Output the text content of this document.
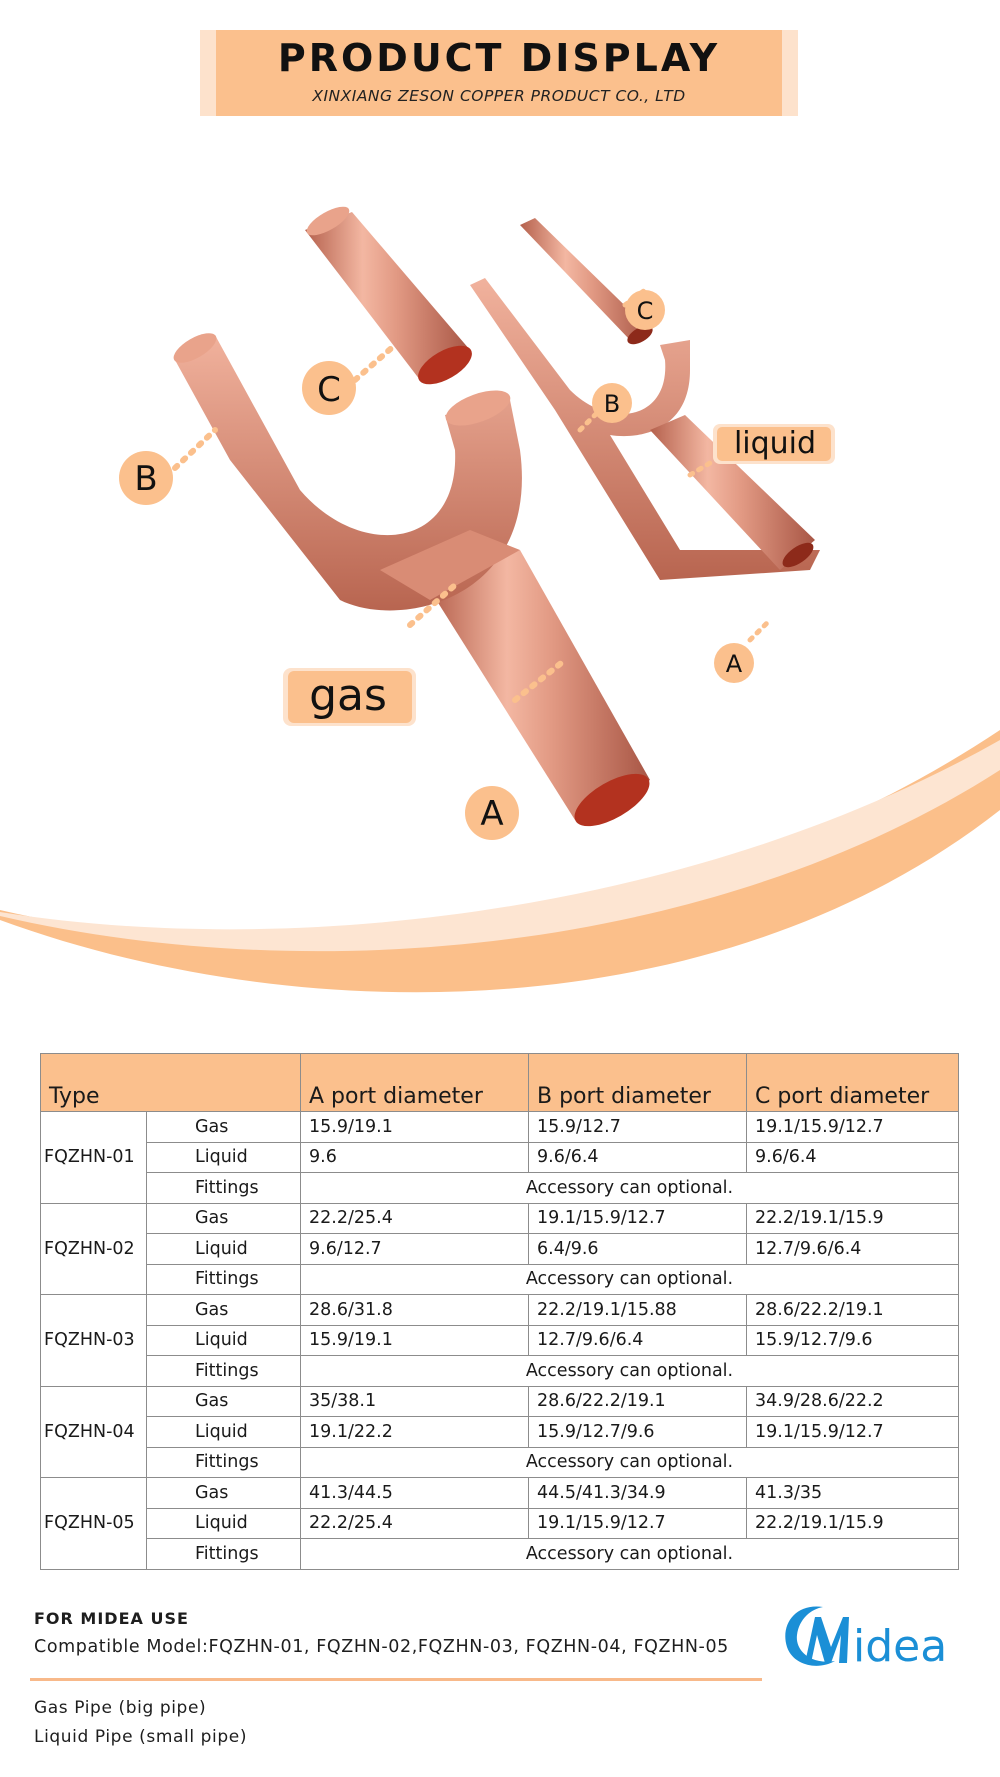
PRODUCT DISPLAY
XINXIANG ZESON COPPER PRODUCT CO., LTD
B
C
A
gas
C
B
A
liquid
Type		A port diameter	B port diameter	C port diameter
FQZHN-01	Gas	15.9/19.1	15.9/12.7	19.1/15.9/12.7
	Liquid	9.6	9.6/6.4	9.6/6.4
	Fittings	Accessory can optional.		
FQZHN-02	Gas	22.2/25.4	19.1/15.9/12.7	22.2/19.1/15.9
	Liquid	9.6/12.7	6.4/9.6	12.7/9.6/6.4
	Fittings	Accessory can optional.		
FQZHN-03	Gas	28.6/31.8	22.2/19.1/15.88	28.6/22.2/19.1
	Liquid	15.9/19.1	12.7/9.6/6.4	15.9/12.7/9.6
	Fittings	Accessory can optional.		
FQZHN-04	Gas	35/38.1	28.6/22.2/19.1	34.9/28.6/22.2
	Liquid	19.1/22.2	15.9/12.7/9.6	19.1/15.9/12.7
	Fittings	Accessory can optional.		
FQZHN-05	Gas	41.3/44.5	44.5/41.3/34.9	41.3/35
	Liquid	22.2/25.4	19.1/15.9/12.7	22.2/19.1/15.9
	Fittings	Accessory can optional.		
FOR MIDEA USE
Compatible Model:FQZHN-01, FQZHN-02,FQZHN-03, FQZHN-04, FQZHN-05
Gas Pipe (big pipe)
Liquid Pipe (small pipe)
idea
